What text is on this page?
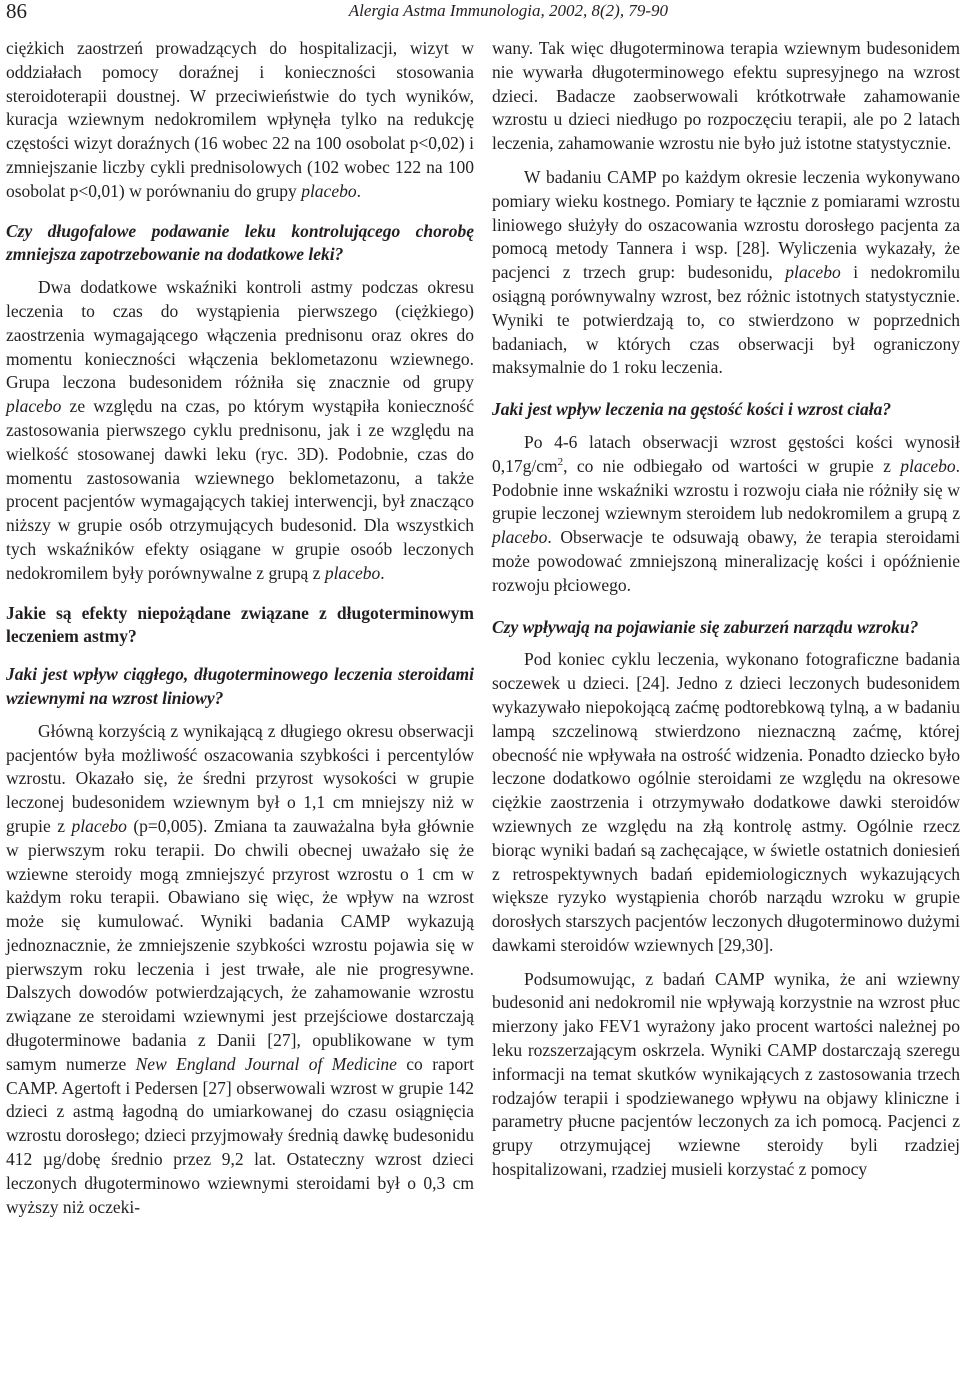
86	Alergia Astma Immunologia, 2002, 8(2), 79-90

ciężkich zaostrzeń prowadzących do hospitalizacji, wizyt w oddziałach pomocy doraźnej i konieczności stosowania steroidoterapii doustnej. W przeciwieństwie do tych wyników, kuracja wziewnym nedokromilem wpłynęła tylko na redukcję częstości wizyt doraźnych (16 wobec 22 na 100 osobolat p<0,02) i zmniejszanie liczby cykli prednisolowych (102 wobec 122 na 100 osobolat p<0,01) w porównaniu do grupy placebo.

Czy długofalowe podawanie leku kontrolującego chorobę zmniejsza zapotrzebowanie na dodatkowe leki?

Dwa dodatkowe wskaźniki kontroli astmy podczas okresu leczenia to czas do wystąpienia pierwszego (ciężkiego) zaostrzenia wymagającego włączenia prednisonu oraz okres do momentu konieczności włączenia beklometazonu wziewnego. Grupa leczona budesonidem różniła się znacznie od grupy placebo ze względu na czas, po którym wystąpiła konieczność zastosowania pierwszego cyklu prednisonu, jak i ze względu na wielkość stosowanej dawki leku (ryc. 3D). Podobnie, czas do momentu zastosowania wziewnego beklometazonu, a także procent pacjentów wymagających takiej interwencji, był znacząco niższy w grupie osób otrzymujących budesonid. Dla wszystkich tych wskaźników efekty osiągane w grupie osoób leczonych nedokromilem były porównywalne z grupą z placebo.

Jakie są efekty niepożądane związane z długoterminowym leczeniem astmy?
Jaki jest wpływ ciągłego, długoterminowego leczenia steroidami wziewnymi na wzrost liniowy?

Główną korzyścią z wynikającą z długiego okresu obserwacji pacjentów była możliwość oszacowania szybkości i percentylów wzrostu. Okazało się, że średni przyrost wysokości w grupie leczonej budesonidem wziewnym był o 1,1 cm mniejszy niż w grupie z placebo (p=0,005). Zmiana ta zauważalna była głównie w pierwszym roku terapii. Do chwili obecnej uważało się że wziewne steroidy mogą zmniejszyć przyrost wzrostu o 1 cm w każdym roku terapii. Obawiano się więc, że wpływ na wzrost może się kumulować. Wyniki badania CAMP wykazują jednoznacznie, że zmniejszenie szybkości wzrostu pojawia się w pierwszym roku leczenia i jest trwałe, ale nie progresywne. Dalszych dowodów potwierdzających, że zahamowanie wzrostu związane ze steroidami wziewnymi jest przejściowe dostarczają długoterminowe badania z Danii [27], opublikowane w tym samym numerze New England Journal of Medicine co raport CAMP. Agertoft i Pedersen [27] obserwowali wzrost w grupie 142 dzieci z astmą łagodną do umiarkowanej do czasu osiągnięcia wzrostu dorosłego; dzieci przyjmowały średnią dawkę budesonidu 412 µg/dobę średnio przez 9,2 lat. Ostateczny wzrost dzieci leczonych długoterminowo wziewnymi steroidami był o 0,3 cm wyższy niż oczeki-

wany. Tak więc długoterminowa terapia wziewnym budesonidem nie wywarła długoterminowego efektu supresyjnego na wzrost dzieci. Badacze zaobserwowali krótkotrwałe zahamowanie wzrostu u dzieci niedługo po rozpoczęciu terapii, ale po 2 latach leczenia, zahamowanie wzrostu nie było już istotne statystycznie.

W badaniu CAMP po każdym okresie leczenia wykonywano pomiary wieku kostnego. Pomiary te łącznie z pomiarami wzrostu liniowego służyły do oszacowania wzrostu dorosłego pacjenta za pomocą metody Tannera i wsp. [28]. Wyliczenia wykazały, że pacjenci z trzech grup: budesonidu, placebo i nedokromilu osiągną porównywalny wzrost, bez różnic istotnych statystycznie. Wyniki te potwierdzają to, co stwierdzono w poprzednich badaniach, w których czas obserwacji był ograniczony maksymalnie do 1 roku leczenia.

Jaki jest wpływ leczenia na gęstość kości i wzrost ciała?

Po 4-6 latach obserwacji wzrost gęstości kości wynosił $0,17g/cm^2$, co nie odbiegało od wartości w grupie z placebo. Podobnie inne wskaźniki wzrostu i rozwoju ciała nie różniły się w grupie leczonej wziewnym steroidem lub nedokromilem a grupą z placebo. Obserwacje te odsuwają obawy, że terapia steroidami może powodować zmniejszoną mineralizację kości i opóźnienie rozwoju płciowego.

Czy wpływają na pojawianie się zaburzeń narządu wzroku?

Pod koniec cyklu leczenia, wykonano fotograficzne badania soczewek u dzieci. [24]. Jedno z dzieci leczonych budesonidem wykazywało niepokojącą zaćmę podtorebkową tylną, a w badaniu lampą szczelinową stwierdzono nieznaczną zaćmę, której obecność nie wpływała na ostrość widzenia. Ponadto dziecko było leczone dodatkowo ogólnie steroidami ze względu na okresowe ciężkie zaostrzenia i otrzymywało dodatkowe dawki steroidów wziewnych ze względu na złą kontrolę astmy. Ogólnie rzecz biorąc wyniki badań są zachęcające, w świetle ostatnich doniesień z retrospektywnych badań epidemiologicznych wykazujących większe ryzyko wystąpienia chorób narządu wzroku w grupie dorosłych starszych pacjentów leczonych długoterminowo dużymi dawkami steroidów wziewnych [29,30].

Podsumowując, z badań CAMP wynika, że ani wziewny budesonid ani nedokromil nie wpływają korzystnie na wzrost płuc mierzony jako FEV1 wyrażony jako procent wartości należnej po leku rozszerzającym oskrzela. Wyniki CAMP dostarczają szeregu informacji na temat skutków wynikających z zastosowania trzech rodzajów terapii i spodziewanego wpływu na objawy kliniczne i parametry płucne pacjentów leczonych za ich pomocą. Pacjenci z grupy otrzymującej wziewne steroidy byli rzadziej hospitalizowani, rzadziej musieli korzystać z pomocy
